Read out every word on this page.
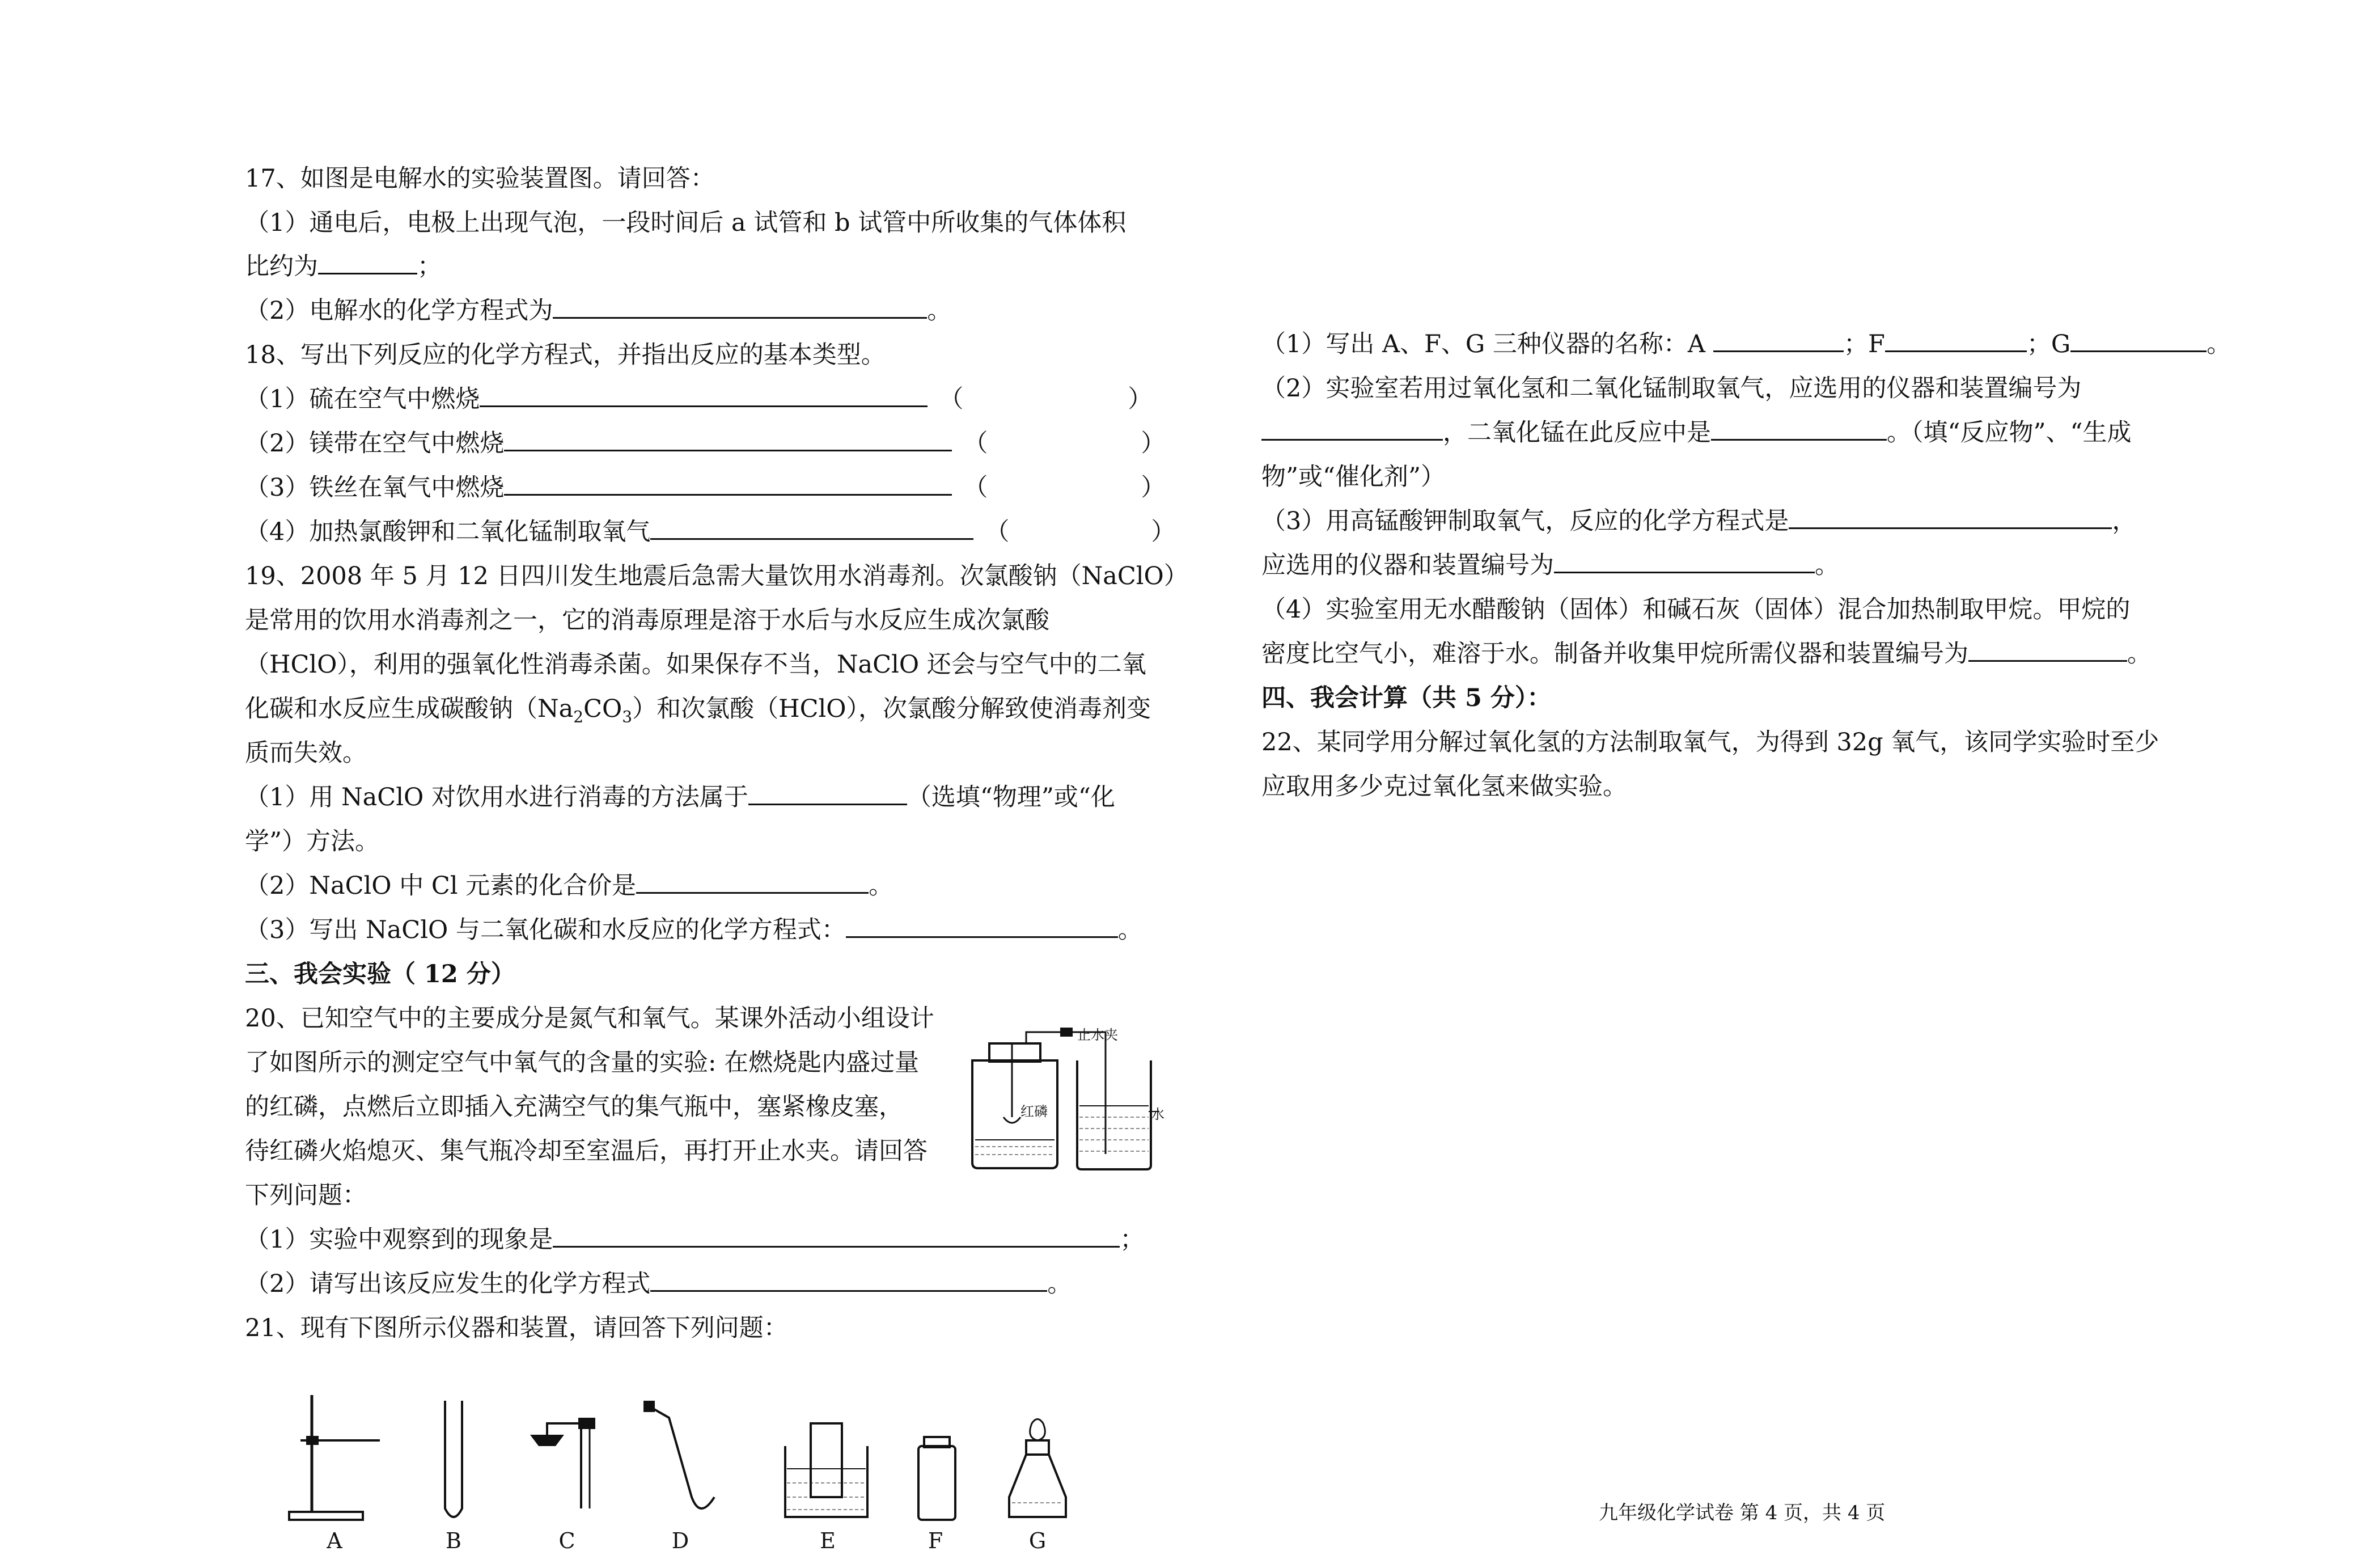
17、如图是电解水的实验装置图。请回答：
（1）通电后，电极上出现气泡，一段时间后 a 试管和 b 试管中所收集的气体体积
比约为	；
（2）电解水的化学方程式为	。
18、写出下列反应的化学方程式，并指出反应的基本类型。
（1）硫在空气中燃烧	（	）
（2）镁带在空气中燃烧	（	）
（3）铁丝在氧气中燃烧	（	）
（4）加热氯酸钾和二氧化锰制取氧气	（	）
19、2008 年 5 月 12 日四川发生地震后急需大量饮用水消毒剂。次氯酸钠（NaClO）
是常用的饮用水消毒剂之一，它的消毒原理是溶于水后与水反应生成次氯酸
（HClO），利用的强氧化性消毒杀菌。如果保存不当，NaClO 还会与空气中的二氧
化碳和水反应生成碳酸钠$(Na_2CO_3)$和次氯酸（HClO），次氯酸分解致使消毒剂变
质而失效。
（1）用 NaClO 对饮用水进行消毒的方法属于	（选填“物理”或“化
学”）方法。
（2）NaClO 中 Cl 元素的化合价是	。
（3）写出 NaClO 与二氧化碳和水反应的化学方程式：	。
三、我会实验（ 12 分）
20、已知空气中的主要成分是氮气和氧气。某课外活动小组设计
了如图所示的测定空气中氧气的含量的实验: 在燃烧匙内盛过量
的红磷，点燃后立即插入充满空气的集气瓶中，塞紧橡皮塞，
待红磷火焰熄灭、集气瓶冷却至室温后，再打开止水夹。请回答
下列问题：
（1）实验中观察到的现象是	；
（2）请写出该反应发生的化学方程式	。
止水夹
红磷	水
21、现有下图所示仪器和装置，请回答下列问题：
A	B	C	D	E	F	G
（1）写出 A、F、G 三种仪器的名称：A	；F	；G	。
（2）实验室若用过氧化氢和二氧化锰制取氧气，应选用的仪器和装置编号为
，二氧化锰在此反应中是	。（填“反应物”、“生成
物”或“催化剂”）
（3）用高锰酸钾制取氧气，反应的化学方程式是	，
应选用的仪器和装置编号为	。
（4）实验室用无水醋酸钠（固体）和碱石灰（固体）混合加热制取甲烷。甲烷的
密度比空气小，难溶于水。制备并收集甲烷所需仪器和装置编号为	。
四、我会计算（共 5 分）：
22、某同学用分解过氧化氢的方法制取氧气，为得到 32g 氧气，该同学实验时至少
应取用多少克过氧化氢来做实验。
九年级化学试卷 第 4 页，共 4 页
